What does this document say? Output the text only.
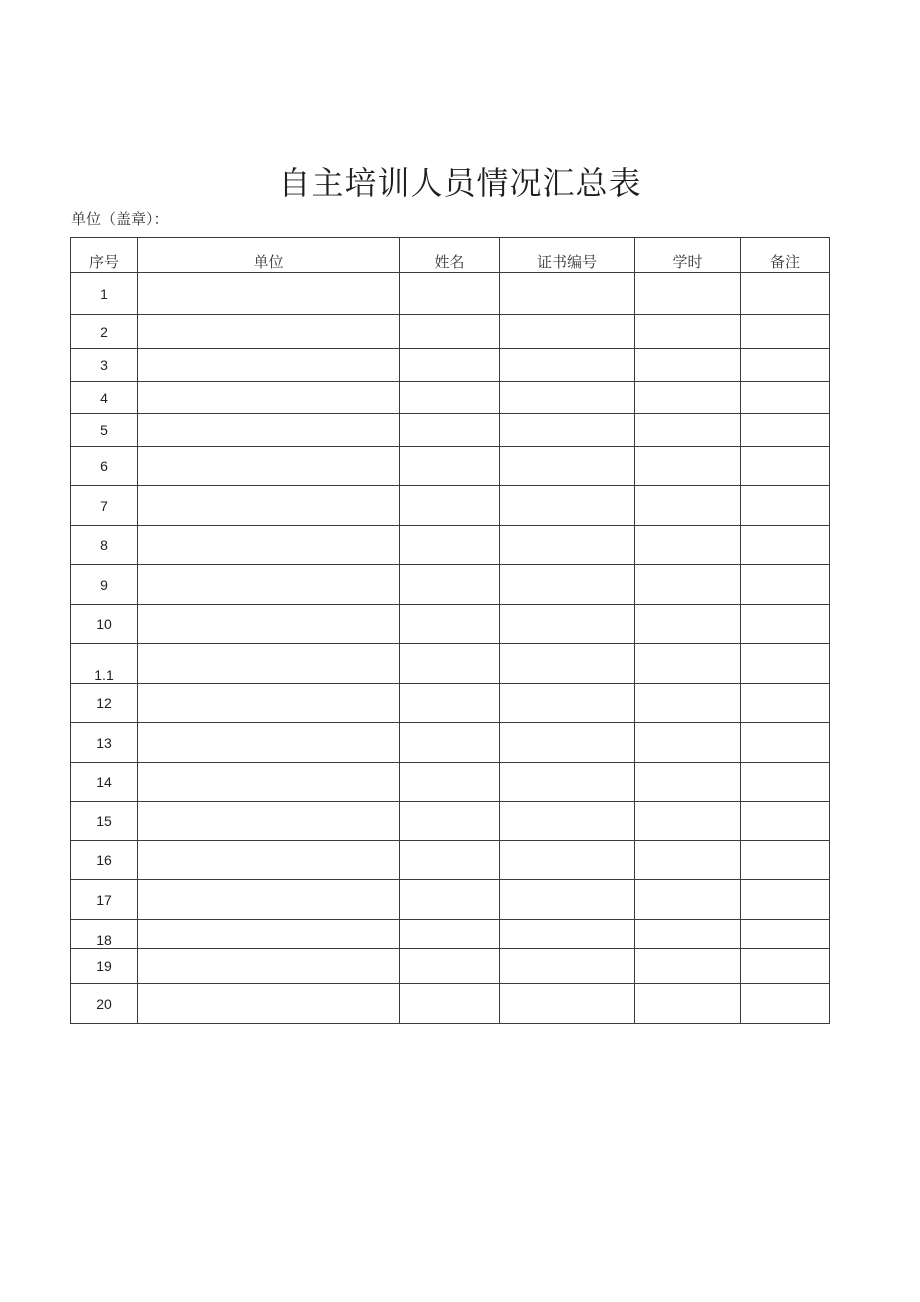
自主培训人员情况汇总表
单位（盖章）：
序号	单位	姓名	证书编号	学时	备注
1					
2					
3					
4					
5					
6					
7					
8					
9					
10					
1.1					
12					
13					
14					
15					
16					
17					
18					
19					
20					
